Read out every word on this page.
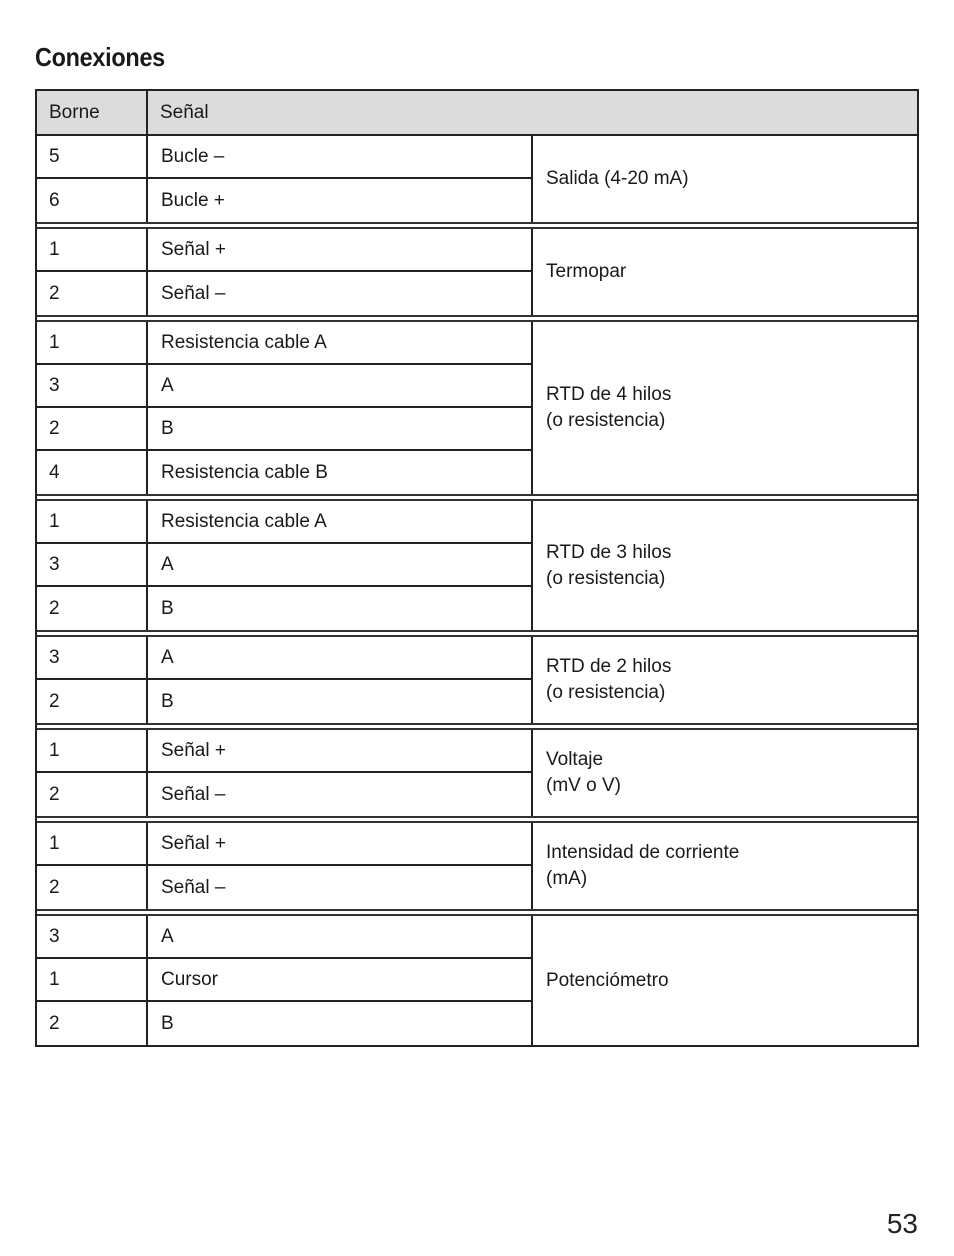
Conexiones
Borne	Señal
5	Bucle –
6	Bucle +
Salida (4-20 mA)
1	Señal +
2	Señal –
Termopar
1	Resistencia cable A
3	A
2	B
4	Resistencia cable B
RTD de 4 hilos
(o resistencia)
1	Resistencia cable A
3	A
2	B
RTD de 3 hilos
(o resistencia)
3	A
2	B
RTD de 2 hilos
(o resistencia)
1	Señal +
2	Señal –
Voltaje
(mV o V)
1	Señal +
2	Señal –
Intensidad de corriente
(mA)
3	A
1	Cursor
2	B
Potenciómetro
53
